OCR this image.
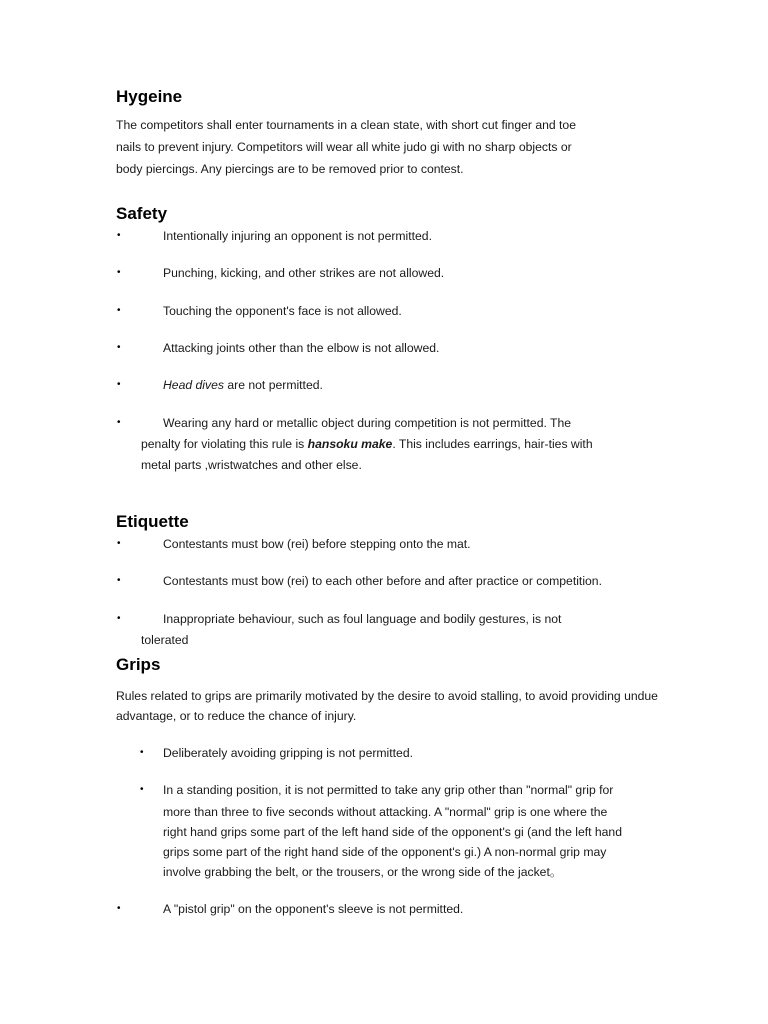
Hygeine
The competitors shall enter tournaments in a clean state, with short cut finger and toe
nails to prevent injury. Competitors will wear all white judo gi with no sharp objects or
body piercings. Any piercings are to be removed prior to contest.
Safety
•	Intentionally injuring an opponent is not permitted.
•	Punching, kicking, and other strikes are not allowed.
•	Touching the opponent's face is not allowed.
•	Attacking joints other than the elbow is not allowed.
•	Head dives are not permitted.
•	Wearing any hard or metallic object during competition is not permitted. The
penalty for violating this rule is hansoku make. This includes earrings, hair-ties with
metal parts ,wristwatches and other else.
Etiquette
•	Contestants must bow (rei) before stepping onto the mat.
•	Contestants must bow (rei) to each other before and after practice or competition.
•	Inappropriate behaviour, such as foul language and bodily gestures, is not
tolerated
Grips
Rules related to grips are primarily motivated by the desire to avoid stalling, to avoid providing undue
advantage, or to reduce the chance of injury.
• Deliberately avoiding gripping is not permitted.
• In a standing position, it is not permitted to take any grip other than "normal" grip for
more than three to five seconds without attacking. A "normal" grip is one where the
right hand grips some part of the left hand side of the opponent's gi (and the left hand
grips some part of the right hand side of the opponent's gi.) A non-normal grip may
involve grabbing the belt, or the trousers, or the wrong side of the jacket。
•	A "pistol grip" on the opponent's sleeve is not permitted.
